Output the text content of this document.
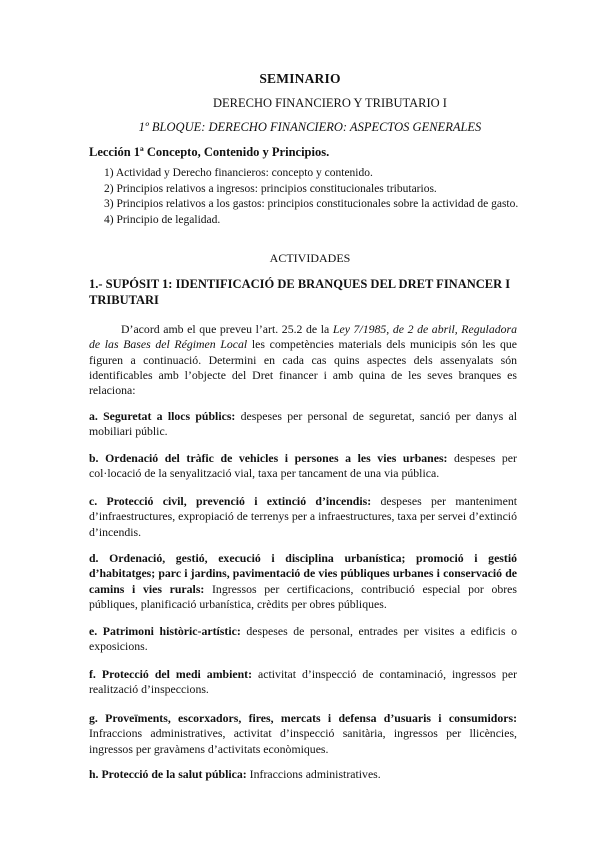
SEMINARIO
DERECHO FINANCIERO Y TRIBUTARIO I
1º BLOQUE: DERECHO FINANCIERO: ASPECTOS GENERALES
Lección 1ª Concepto, Contenido y Principios.
1) Actividad y Derecho financieros: concepto y contenido.
2) Principios relativos a ingresos: principios constitucionales tributarios.
3) Principios relativos a los gastos: principios constitucionales sobre la actividad de gasto.
4) Principio de legalidad.
ACTIVIDADES
1.- SUPÓSIT 1: IDENTIFICACIÓ DE BRANQUES DEL DRET FINANCER I TRIBUTARI
D’acord amb el que preveu l’art. 25.2 de la Ley 7/1985, de 2 de abril, Reguladora de las Bases del Régimen Local les competències materials dels municipis són les que figuren a continuació. Determini en cada cas quins aspectes dels assenyalats són identificables amb l’objecte del Dret financer i amb quina de les seves branques es relaciona:
a. Seguretat a llocs públics: despeses per personal de seguretat, sanció per danys al mobiliari públic.
b. Ordenació del tràfic de vehicles i persones a les vies urbanes: despeses per col·locació de la senyalització vial, taxa per tancament de una via pública.
c. Protecció civil, prevenció i extinció d’incendis: despeses per manteniment d’infraestructures, expropiació de terrenys per a infraestructures, taxa per servei d’extinció d’incendis.
d. Ordenació, gestió, execució i disciplina urbanística; promoció i gestió d’habitatges; parc i jardins, pavimentació de vies públiques urbanes i conservació de camins i vies rurals: Ingressos per certificacions, contribució especial por obres públiques, planificació urbanística, crèdits per obres públiques.
e. Patrimoni històric-artístic: despeses de personal, entrades per visites a edificis o exposicions.
f. Protecció del medi ambient: activitat d’inspecció de contaminació, ingressos per realització d’inspeccions.
g. Proveïments, escorxadors, fires, mercats i defensa d’usuaris i consumidors: Infraccions administratives, activitat d’inspecció sanitària, ingressos per llicències, ingressos per gravàmens d’activitats econòmiques.
h. Protecció de la salut pública: Infraccions administratives.
